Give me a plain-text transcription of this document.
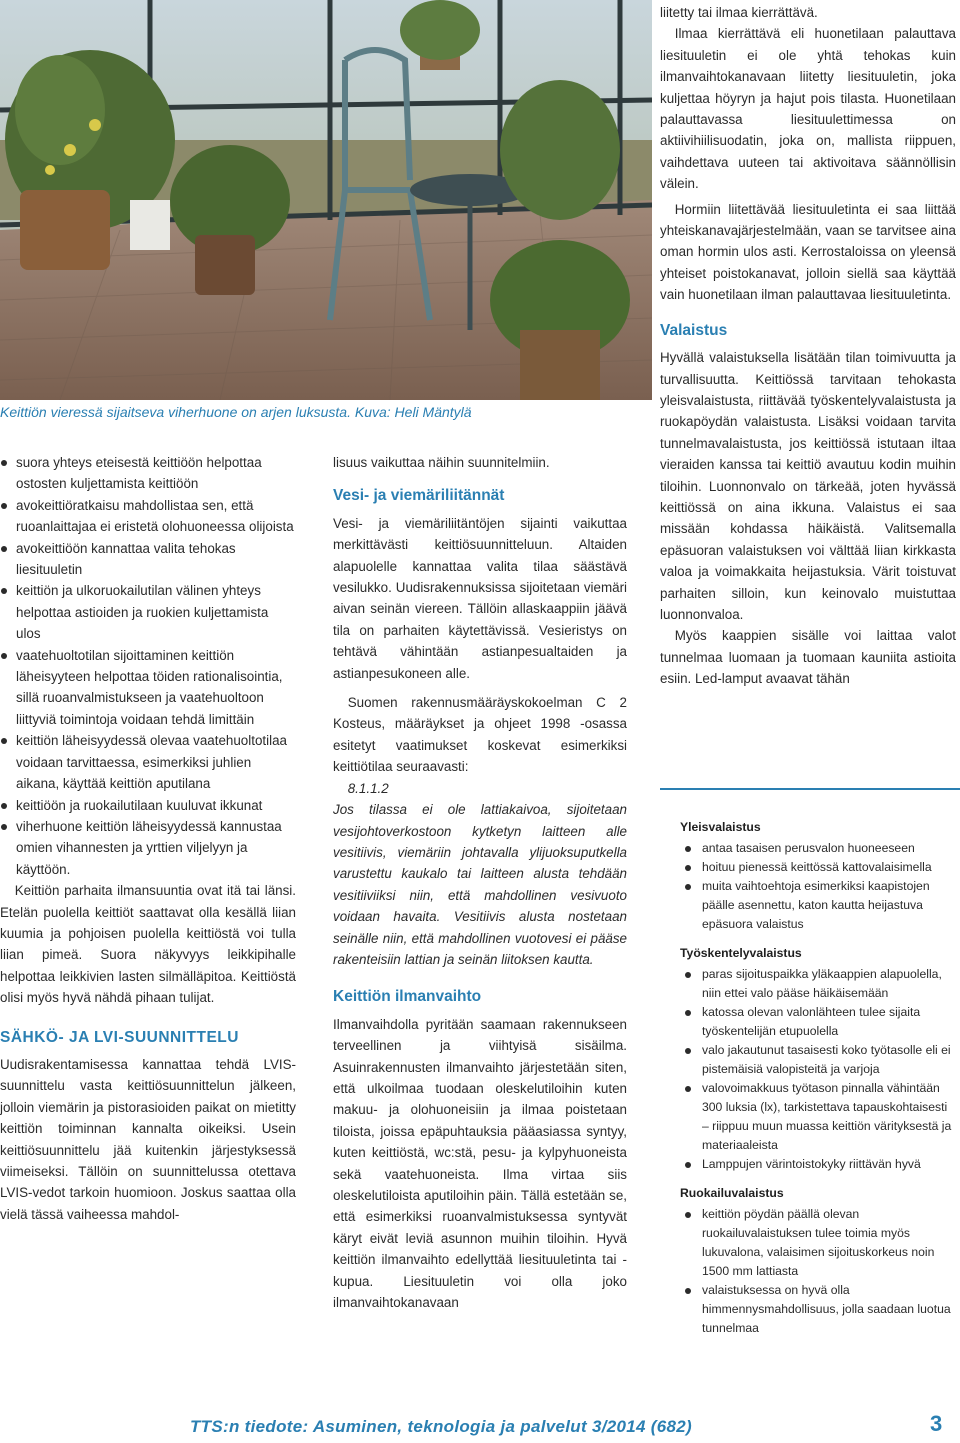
Keittiön vieressä sijaitseva viherhuone on arjen luksusta. Kuva: Heli Mäntylä
suora yhteys eteisestä keittiöön helpottaa ostosten kuljettamista keittiöön
avokeittiöratkaisu mahdollistaa sen, että ruoanlaittajaa ei eristetä olohuoneessa olijoista
avokeittiöön kannattaa valita tehokas liesituuletin
keittiön ja ulkoruokailutilan välinen yhteys helpottaa astioiden ja ruokien kuljettamista ulos
vaatehuoltotilan sijoittaminen keittiön läheisyyteen helpottaa töiden rationalisointia, sillä ruoanvalmistukseen ja vaatehuoltoon liittyviä toimintoja voidaan tehdä limittäin
keittiön läheisyydessä olevaa vaatehuoltotilaa voidaan tarvittaessa, esimerkiksi juhlien aikana, käyttää keittiön aputilana
keittiöön ja ruokailutilaan kuuluvat ikkunat
viherhuone keittiön läheisyydessä kannustaa omien vihannesten ja yrttien viljelyyn ja käyttöön.

Keittiön parhaita ilmansuuntia ovat itä tai länsi. Etelän puolella keittiöt saattavat olla kesällä liian kuumia ja pohjoisen puolella keittiöstä voi tulla liian pimeä. Suora näkyvyys leikkipihalle helpottaa leikkivien lasten silmälläpitoa. Keittiöstä olisi myös hyvä nähdä pihaan tulijat.

SÄHKÖ- JA LVI-SUUNNITTELU

Uudisrakentamisessa kannattaa tehdä LVIS-suunnittelu vasta keittiösuunnittelun jälkeen, jolloin viemärin ja pistorasioiden paikat on mietitty keittiön toiminnan kannalta oikeiksi. Usein keittiösuunnittelu jää kuitenkin järjestyksessä viimeiseksi. Tällöin on suunnittelussa otettava LVIS-vedot tarkoin huomioon. Joskus saattaa olla vielä tässä vaiheessa mahdol-

lisuus vaikuttaa näihin suunnitelmiin.

Vesi- ja viemäriliitännät

Vesi- ja viemäriliitäntöjen sijainti vaikuttaa merkittävästi keittiösuunnitteluun. Altaiden alapuolelle kannattaa valita tilaa säästävä vesilukko. Uudisrakennuksissa sijoitetaan viemäri aivan seinän viereen. Tällöin allaskaappiin jäävä tila on parhaiten käytettävissä. Vesieristys on tehtävä vähintään astianpesualtaiden ja astianpesukoneen alle.

Suomen rakennusmääräyskokoelman C 2 Kosteus, määräykset ja ohjeet 1998 -osassa esitetyt vaatimukset koskevat esimerkiksi keittiötilaa seuraavasti:

8.1.1.2

Jos tilassa ei ole lattiakaivoa, sijoitetaan vesijohtoverkostoon kytketyn laitteen alle vesitiivis, viemäriin johtavalla ylijuoksuputkella varustettu kaukalo tai laitteen alusta tehdään vesitiiviiksi niin, että mahdollinen vesivuoto voidaan havaita. Vesitiivis alusta nostetaan seinälle niin, että mahdollinen vuotovesi ei pääse rakenteisiin lattian ja seinän liitoksen kautta.

Keittiön ilmanvaihto

Ilmanvaihdolla pyritään saamaan rakennukseen terveellinen ja viihtyisä sisäilma. Asuinrakennusten ilmanvaihto järjestetään siten, että ulkoilmaa tuodaan oleskelutiloihin kuten makuu- ja olohuoneisiin ja ilmaa poistetaan tiloista, joissa epäpuhtauksia pääasiassa syntyy, kuten keittiöstä, wc:stä, pesu- ja kylpyhuoneista sekä vaatehuoneista. Ilma virtaa siis oleskelutiloista aputiloihin päin. Tällä estetään se, että esimerkiksi ruoanvalmistuksessa syntyvät käryt eivät leviä asunnon muihin tiloihin. Hyvä keittiön ilmanvaihto edellyttää liesituuletinta tai -kupua. Liesituuletin voi olla joko ilmanvaihtokanavaan

liitetty tai ilmaa kierrättävä.

Ilmaa kierrättävä eli huonetilaan palauttava liesituuletin ei ole yhtä tehokas kuin ilmanvaihtokanavaan liitetty liesituuletin, joka kuljettaa höyryn ja hajut pois tilasta. Huonetilaan palauttavassa liesituulettimessa on aktiivihiilisuodatin, joka on, mallista riippuen, vaihdettava uuteen tai aktivoitava säännöllisin välein.

Hormiin liitettävää liesituuletinta ei saa liittää yhteiskanavajärjestelmään, vaan se tarvitsee aina oman hormin ulos asti. Kerrostaloissa on yleensä yhteiset poistokanavat, jolloin siellä saa käyttää vain huonetilaan ilman palauttavaa liesituuletinta.

Valaistus

Hyvällä valaistuksella lisätään tilan toimivuutta ja turvallisuutta. Keittiössä tarvitaan tehokasta yleisvalaistusta, riittävää työskentelyvalaistusta ja ruokapöydän valaistusta. Lisäksi voidaan tarvita tunnelmavalaistusta, jos keittiössä istutaan iltaa vieraiden kanssa tai keittiö avautuu kodin muihin tiloihin. Luonnonvalo on tärkeää, joten hyvässä keittiössä on aina ikkuna. Valaistus ei saa missään kohdassa häikäistä. Valitsemalla epäsuoran valaistuksen voi välttää liian kirkkasta valoa ja voimakkaita heijastuksia. Värit toistuvat parhaiten silloin, kun keinovalo muistuttaa luonnonvaloa.

Myös kaappien sisälle voi laittaa valot tunnelmaa luomaan ja tuomaan kauniita astioita esiin. Led-lamput avaavat tähän

Yleisvalaistus
antaa tasaisen perusvalon huoneeseen
hoituu pienessä keittössä kattovalaisimella
muita vaihtoehtoja esimerkiksi kaapistojen päälle asennettu, katon kautta heijastuva epäsuora valaistus
Työskentelyvalaistus
paras sijoituspaikka yläkaappien alapuolella, niin ettei valo pääse häikäisemään
katossa olevan valonlähteen tulee sijaita työskentelijän etupuolella
valo jakautunut tasaisesti koko työtasolle eli ei pistemäisiä valopisteitä ja varjoja
valovoimakkuus työtason pinnalla vähintään 300 luksia (lx), tarkistettava tapauskohtaisesti – riippuu muun muassa keittiön värityksestä ja materiaaleista
Lamppujen värintoistokyky riittävän hyvä
Ruokailuvalaistus
keittiön pöydän päällä olevan ruokailuvalaistuksen tulee toimia myös lukuvalona, valaisimen sijoituskorkeus noin 1500 mm lattiasta
valaistuksessa on hyvä olla himmennysmahdollisuus, jolla saadaan luotua tunnelmaa
TTS:n tiedote: Asuminen, teknologia ja palvelut 3/2014 (682)	3
